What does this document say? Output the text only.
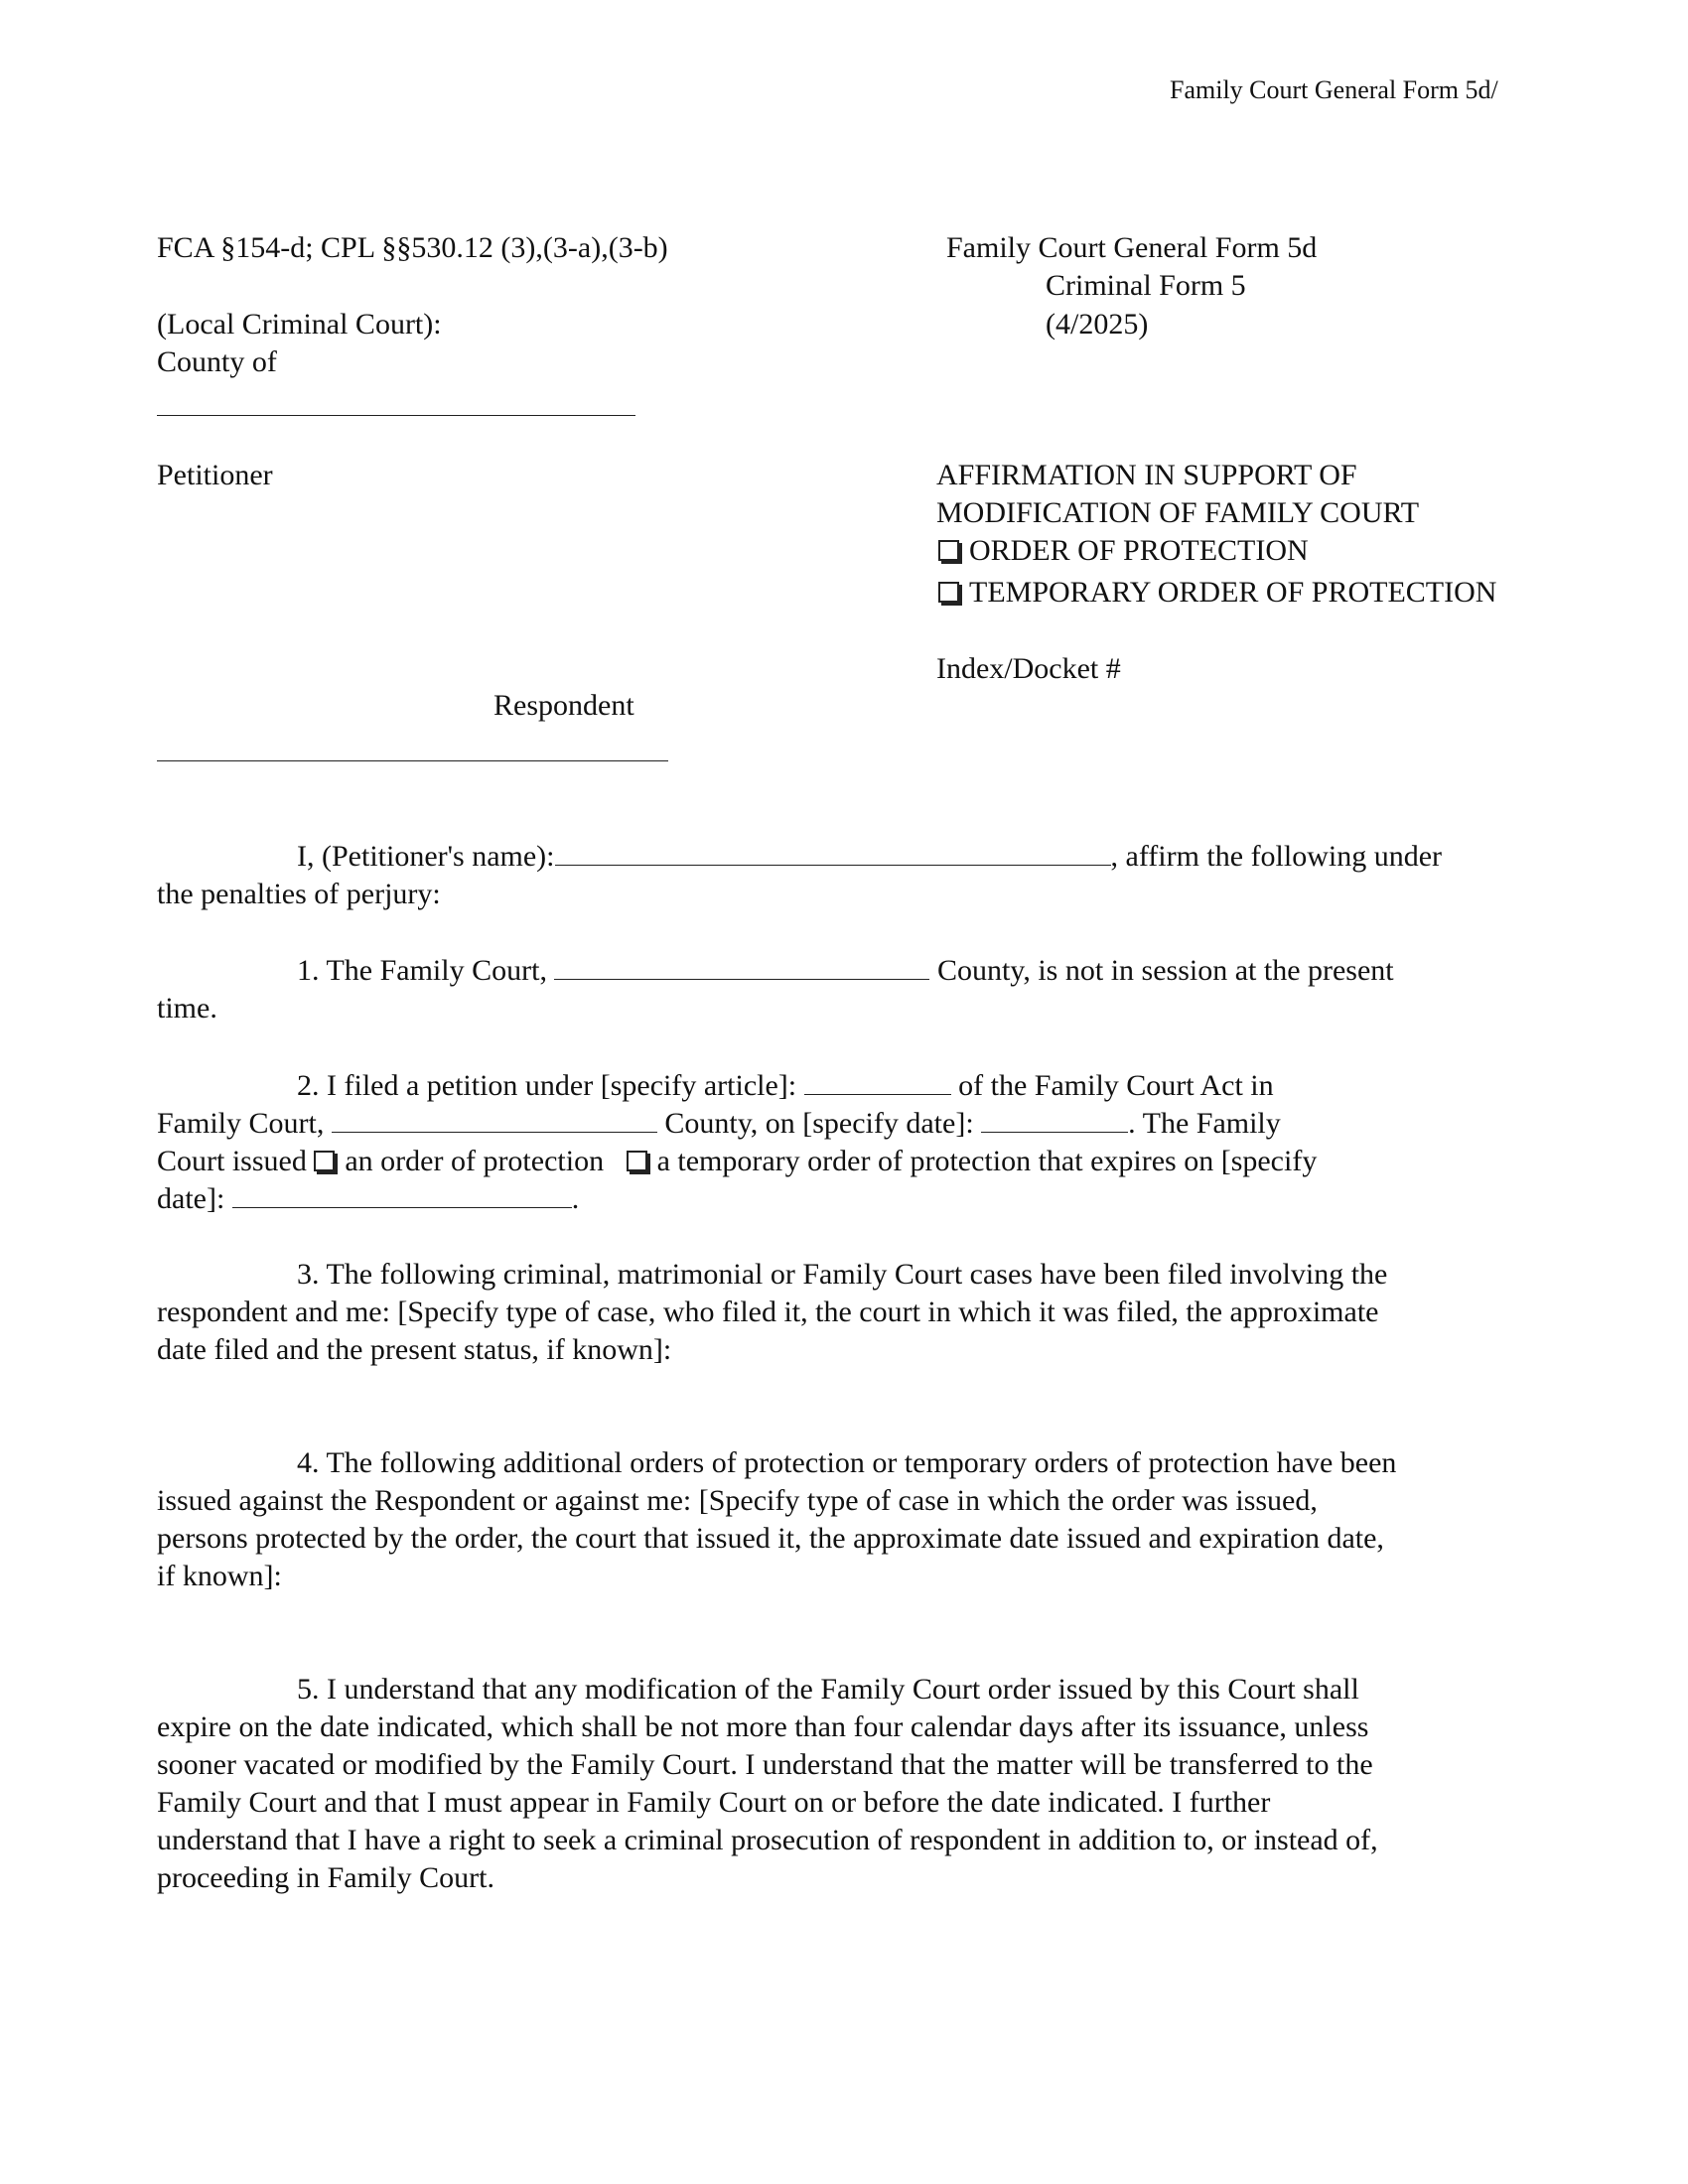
Family Court General Form 5d/
FCA §154-d; CPL §§530.12 (3),(3-a),(3-b)
(Local Criminal Court):
County of
Petitioner
Respondent
Family Court General Form 5d
Criminal Form 5
(4/2025)
AFFIRMATION IN SUPPORT OF
MODIFICATION OF FAMILY COURT
ORDER OF PROTECTION
TEMPORARY ORDER OF PROTECTION
Index/Docket #
I, (Petitioner's name):	, affirm the following under
the penalties of perjury:
1. The Family Court,	County, is not in session at the present
time.
2. I filed a petition under [specify article]:	of the Family Court Act in
Family Court,	County, on [specify date]:	. The Family
Court issued an order of protection a temporary order of protection that expires on [specify
date]:	.
3. The following criminal, matrimonial or Family Court cases have been filed involving the
respondent and me: [Specify type of case, who filed it, the court in which it was filed, the approximate
date filed and the present status, if known]:
4. The following additional orders of protection or temporary orders of protection have been
issued against the Respondent or against me: [Specify type of case in which the order was issued,
persons protected by the order, the court that issued it, the approximate date issued and expiration date,
if known]:
5. I understand that any modification of the Family Court order issued by this Court shall
expire on the date indicated, which shall be not more than four calendar days after its issuance, unless
sooner vacated or modified by the Family Court. I understand that the matter will be transferred to the
Family Court and that I must appear in Family Court on or before the date indicated. I further
understand that I have a right to seek a criminal prosecution of respondent in addition to, or instead of,
proceeding in Family Court.
